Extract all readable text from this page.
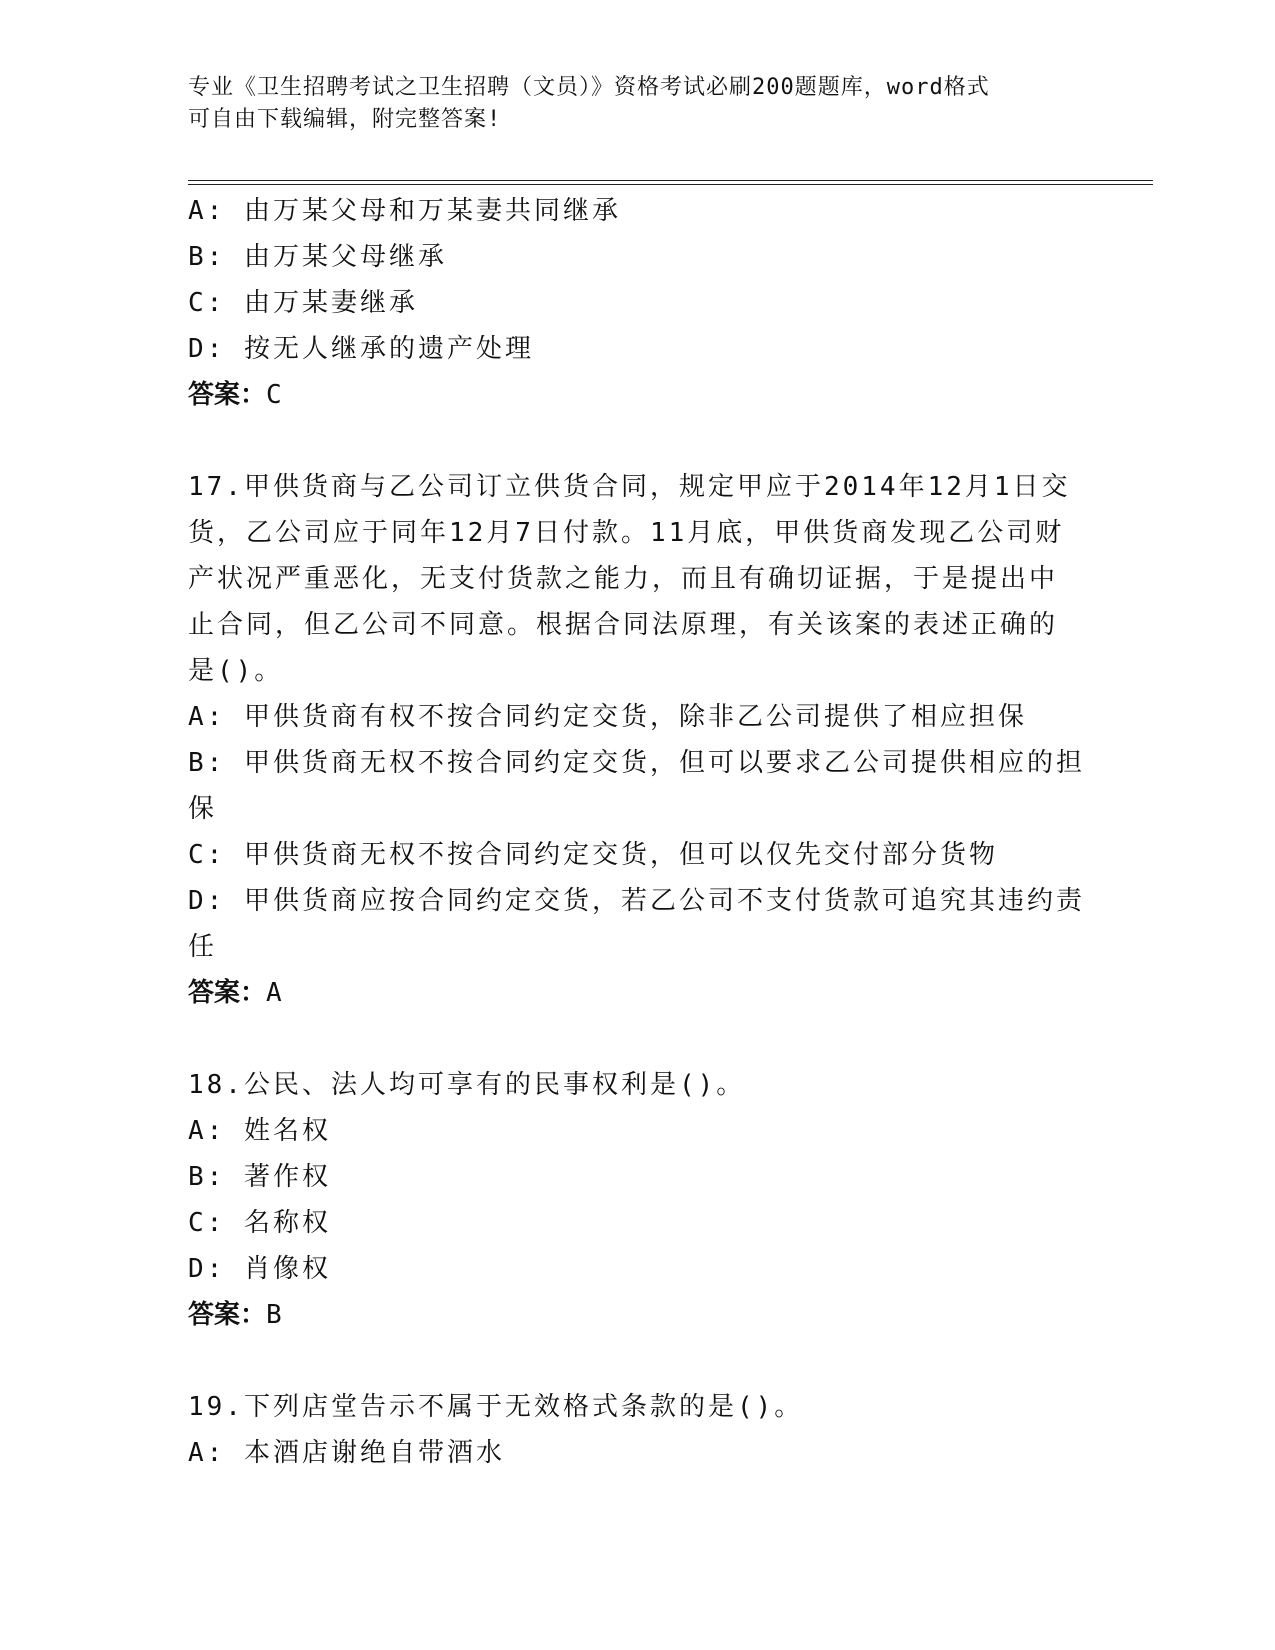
专业《卫生招聘考试之卫生招聘（文员）》资格考试必刷200题题库，word格式
可自由下载编辑，附完整答案!
A: 由万某父母和万某妻共同继承
B: 由万某父母继承
C: 由万某妻继承
D: 按无人继承的遗产处理
答案：C
17.甲供货商与乙公司订立供货合同，规定甲应于2014年12月1日交
货，乙公司应于同年12月7日付款。11月底，甲供货商发现乙公司财
产状况严重恶化，无支付货款之能力，而且有确切证据，于是提出中
止合同，但乙公司不同意。根据合同法原理，有关该案的表述正确的
是()。
A: 甲供货商有权不按合同约定交货，除非乙公司提供了相应担保
B: 甲供货商无权不按合同约定交货，但可以要求乙公司提供相应的担
保
C: 甲供货商无权不按合同约定交货，但可以仅先交付部分货物
D: 甲供货商应按合同约定交货，若乙公司不支付货款可追究其违约责
任
答案：A
18.公民、法人均可享有的民事权利是()。
A: 姓名权
B: 著作权
C: 名称权
D: 肖像权
答案：B
19.下列店堂告示不属于无效格式条款的是()。
A: 本酒店谢绝自带酒水
